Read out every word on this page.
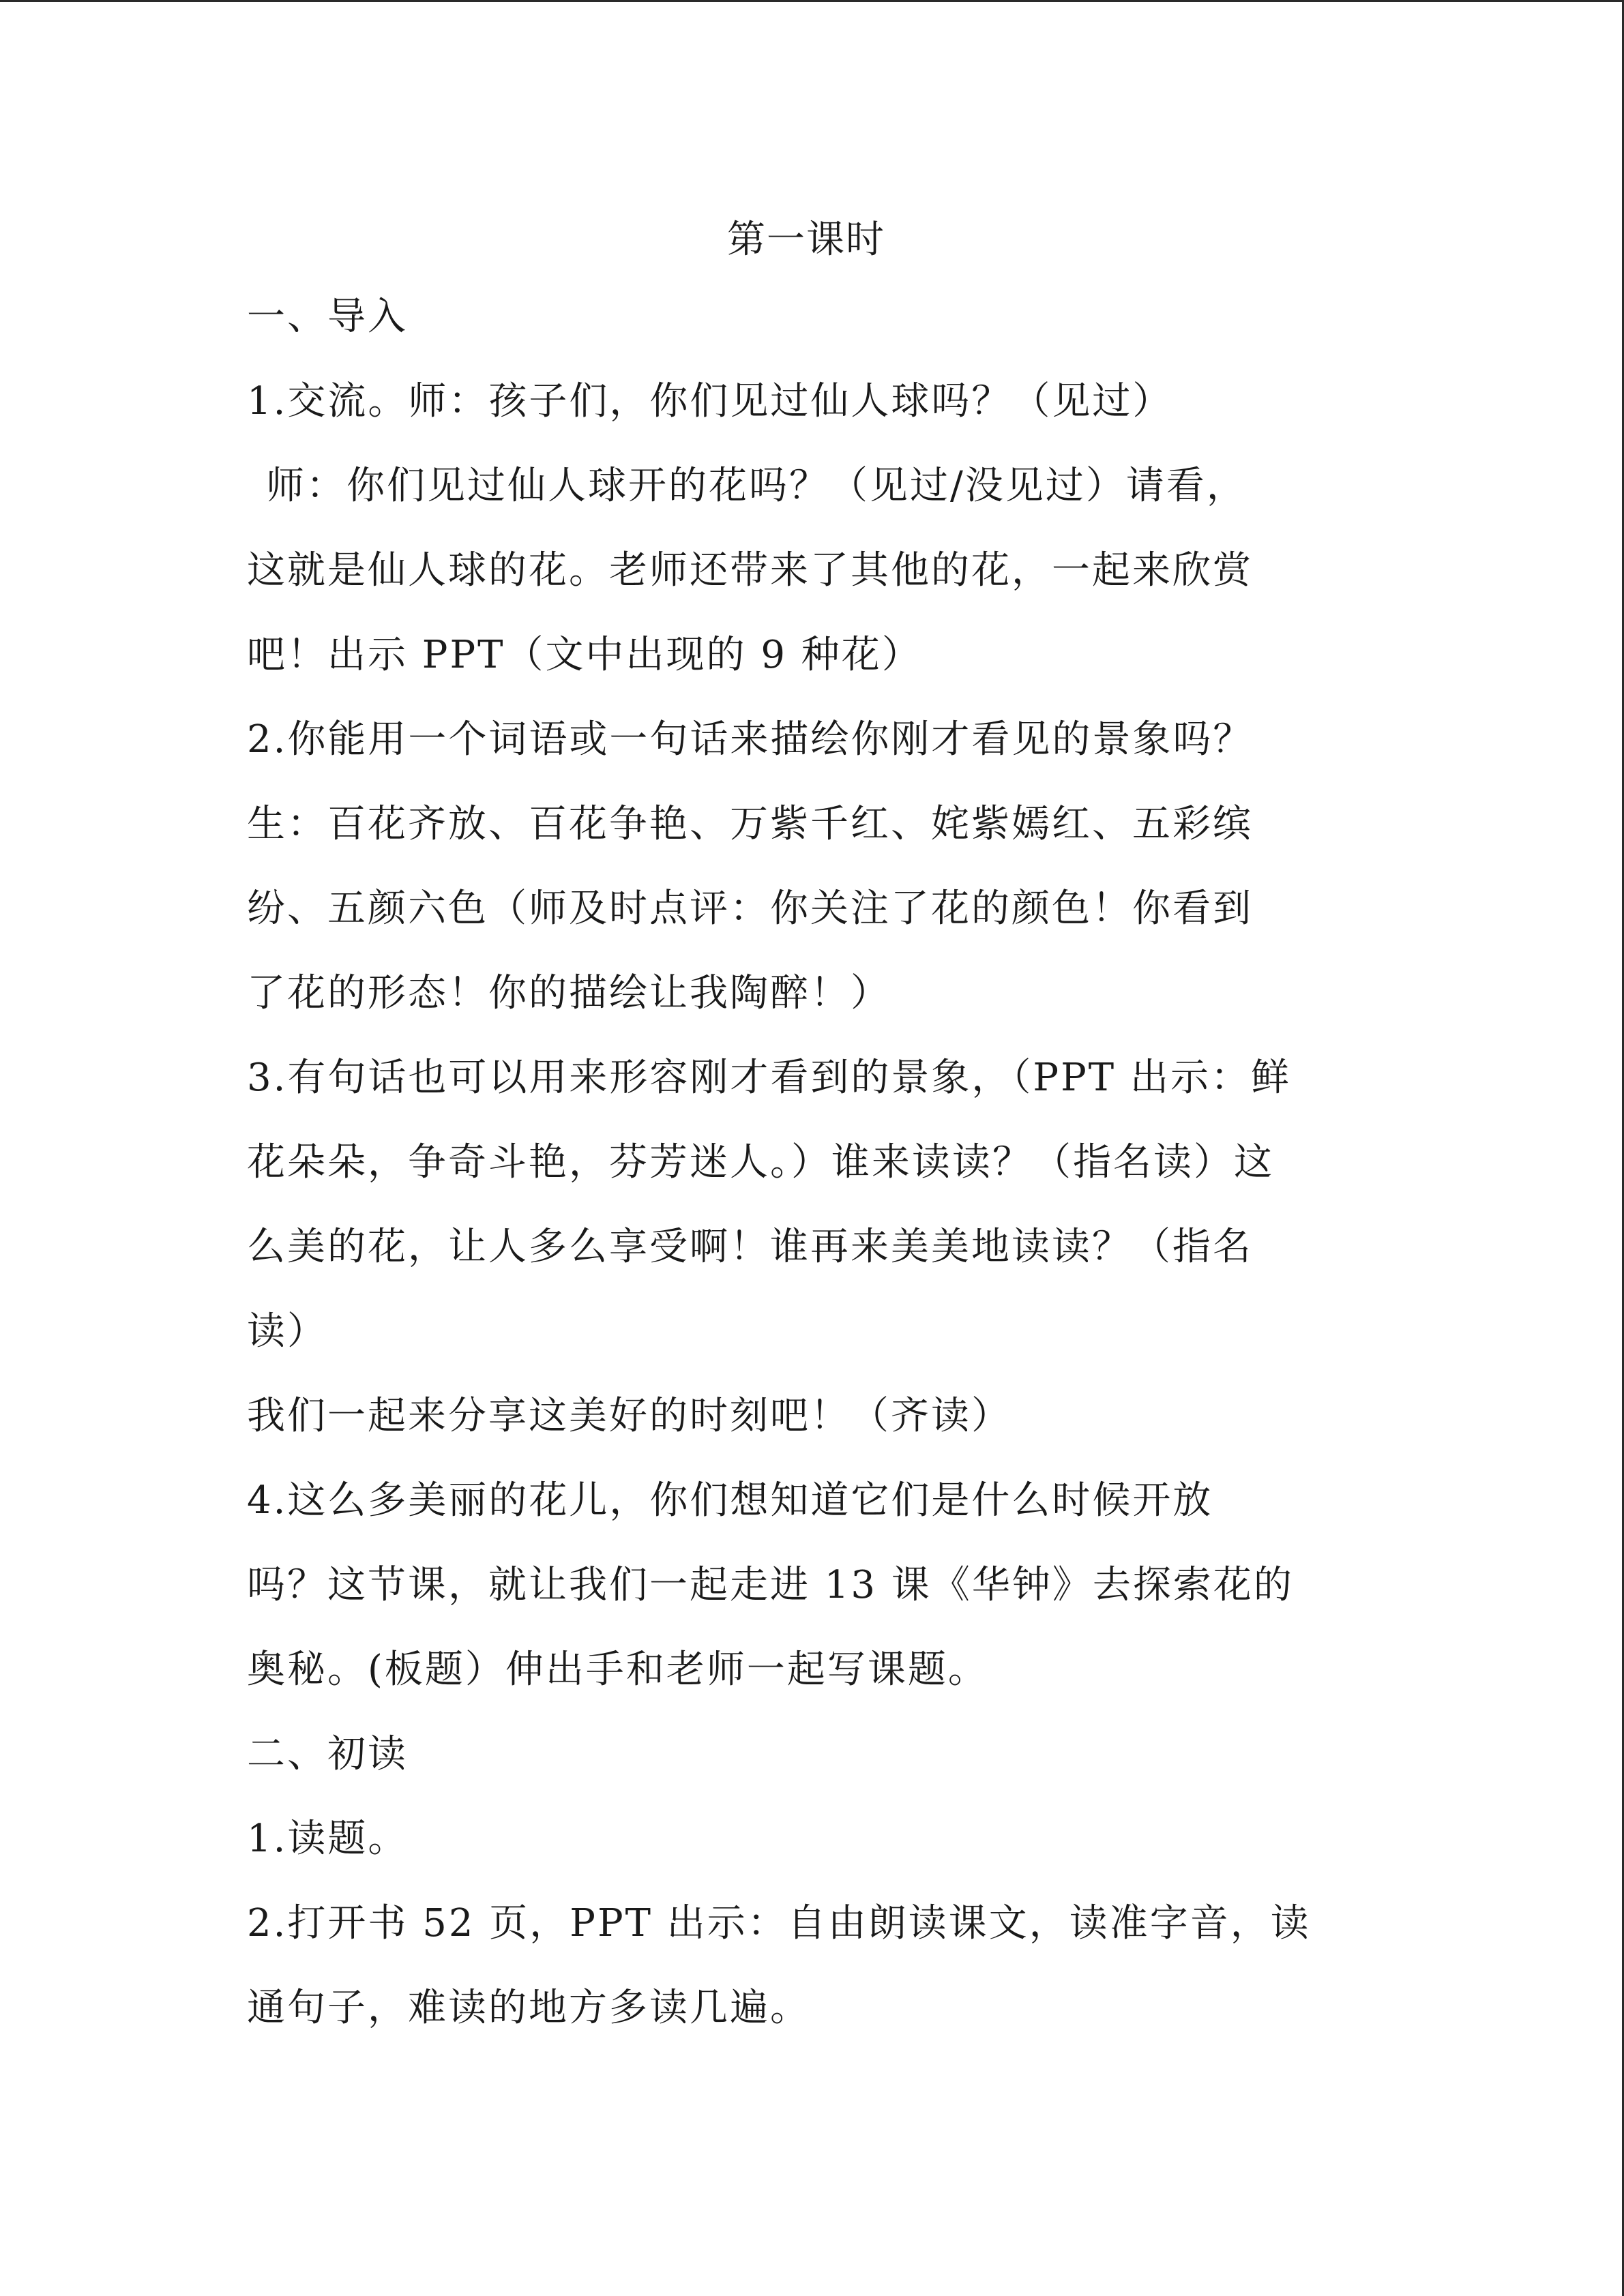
第一课时
一、导入
1.交流。师：孩子们，你们见过仙人球吗？（见过）
师：你们见过仙人球开的花吗？（见过/没见过）请看，
这就是仙人球的花。老师还带来了其他的花，一起来欣赏
吧！出示 PPT（文中出现的 9 种花）
2.你能用一个词语或一句话来描绘你刚才看见的景象吗？
生：百花齐放、百花争艳、万紫千红、姹紫嫣红、五彩缤
纷、五颜六色（师及时点评：你关注了花的颜色！你看到
了花的形态！你的描绘让我陶醉！）
3.有句话也可以用来形容刚才看到的景象，（PPT 出示：鲜
花朵朵，争奇斗艳，芬芳迷人。）谁来读读？（指名读）这
么美的花，让人多么享受啊！谁再来美美地读读？（指名
读）
我们一起来分享这美好的时刻吧！（齐读）
4.这么多美丽的花儿，你们想知道它们是什么时候开放
吗？这节课，就让我们一起走进 13 课《华钟》去探索花的
奥秘。(板题）伸出手和老师一起写课题。
二、初读
1.读题。
2.打开书 52 页，PPT 出示：自由朗读课文，读准字音，读
通句子，难读的地方多读几遍。
